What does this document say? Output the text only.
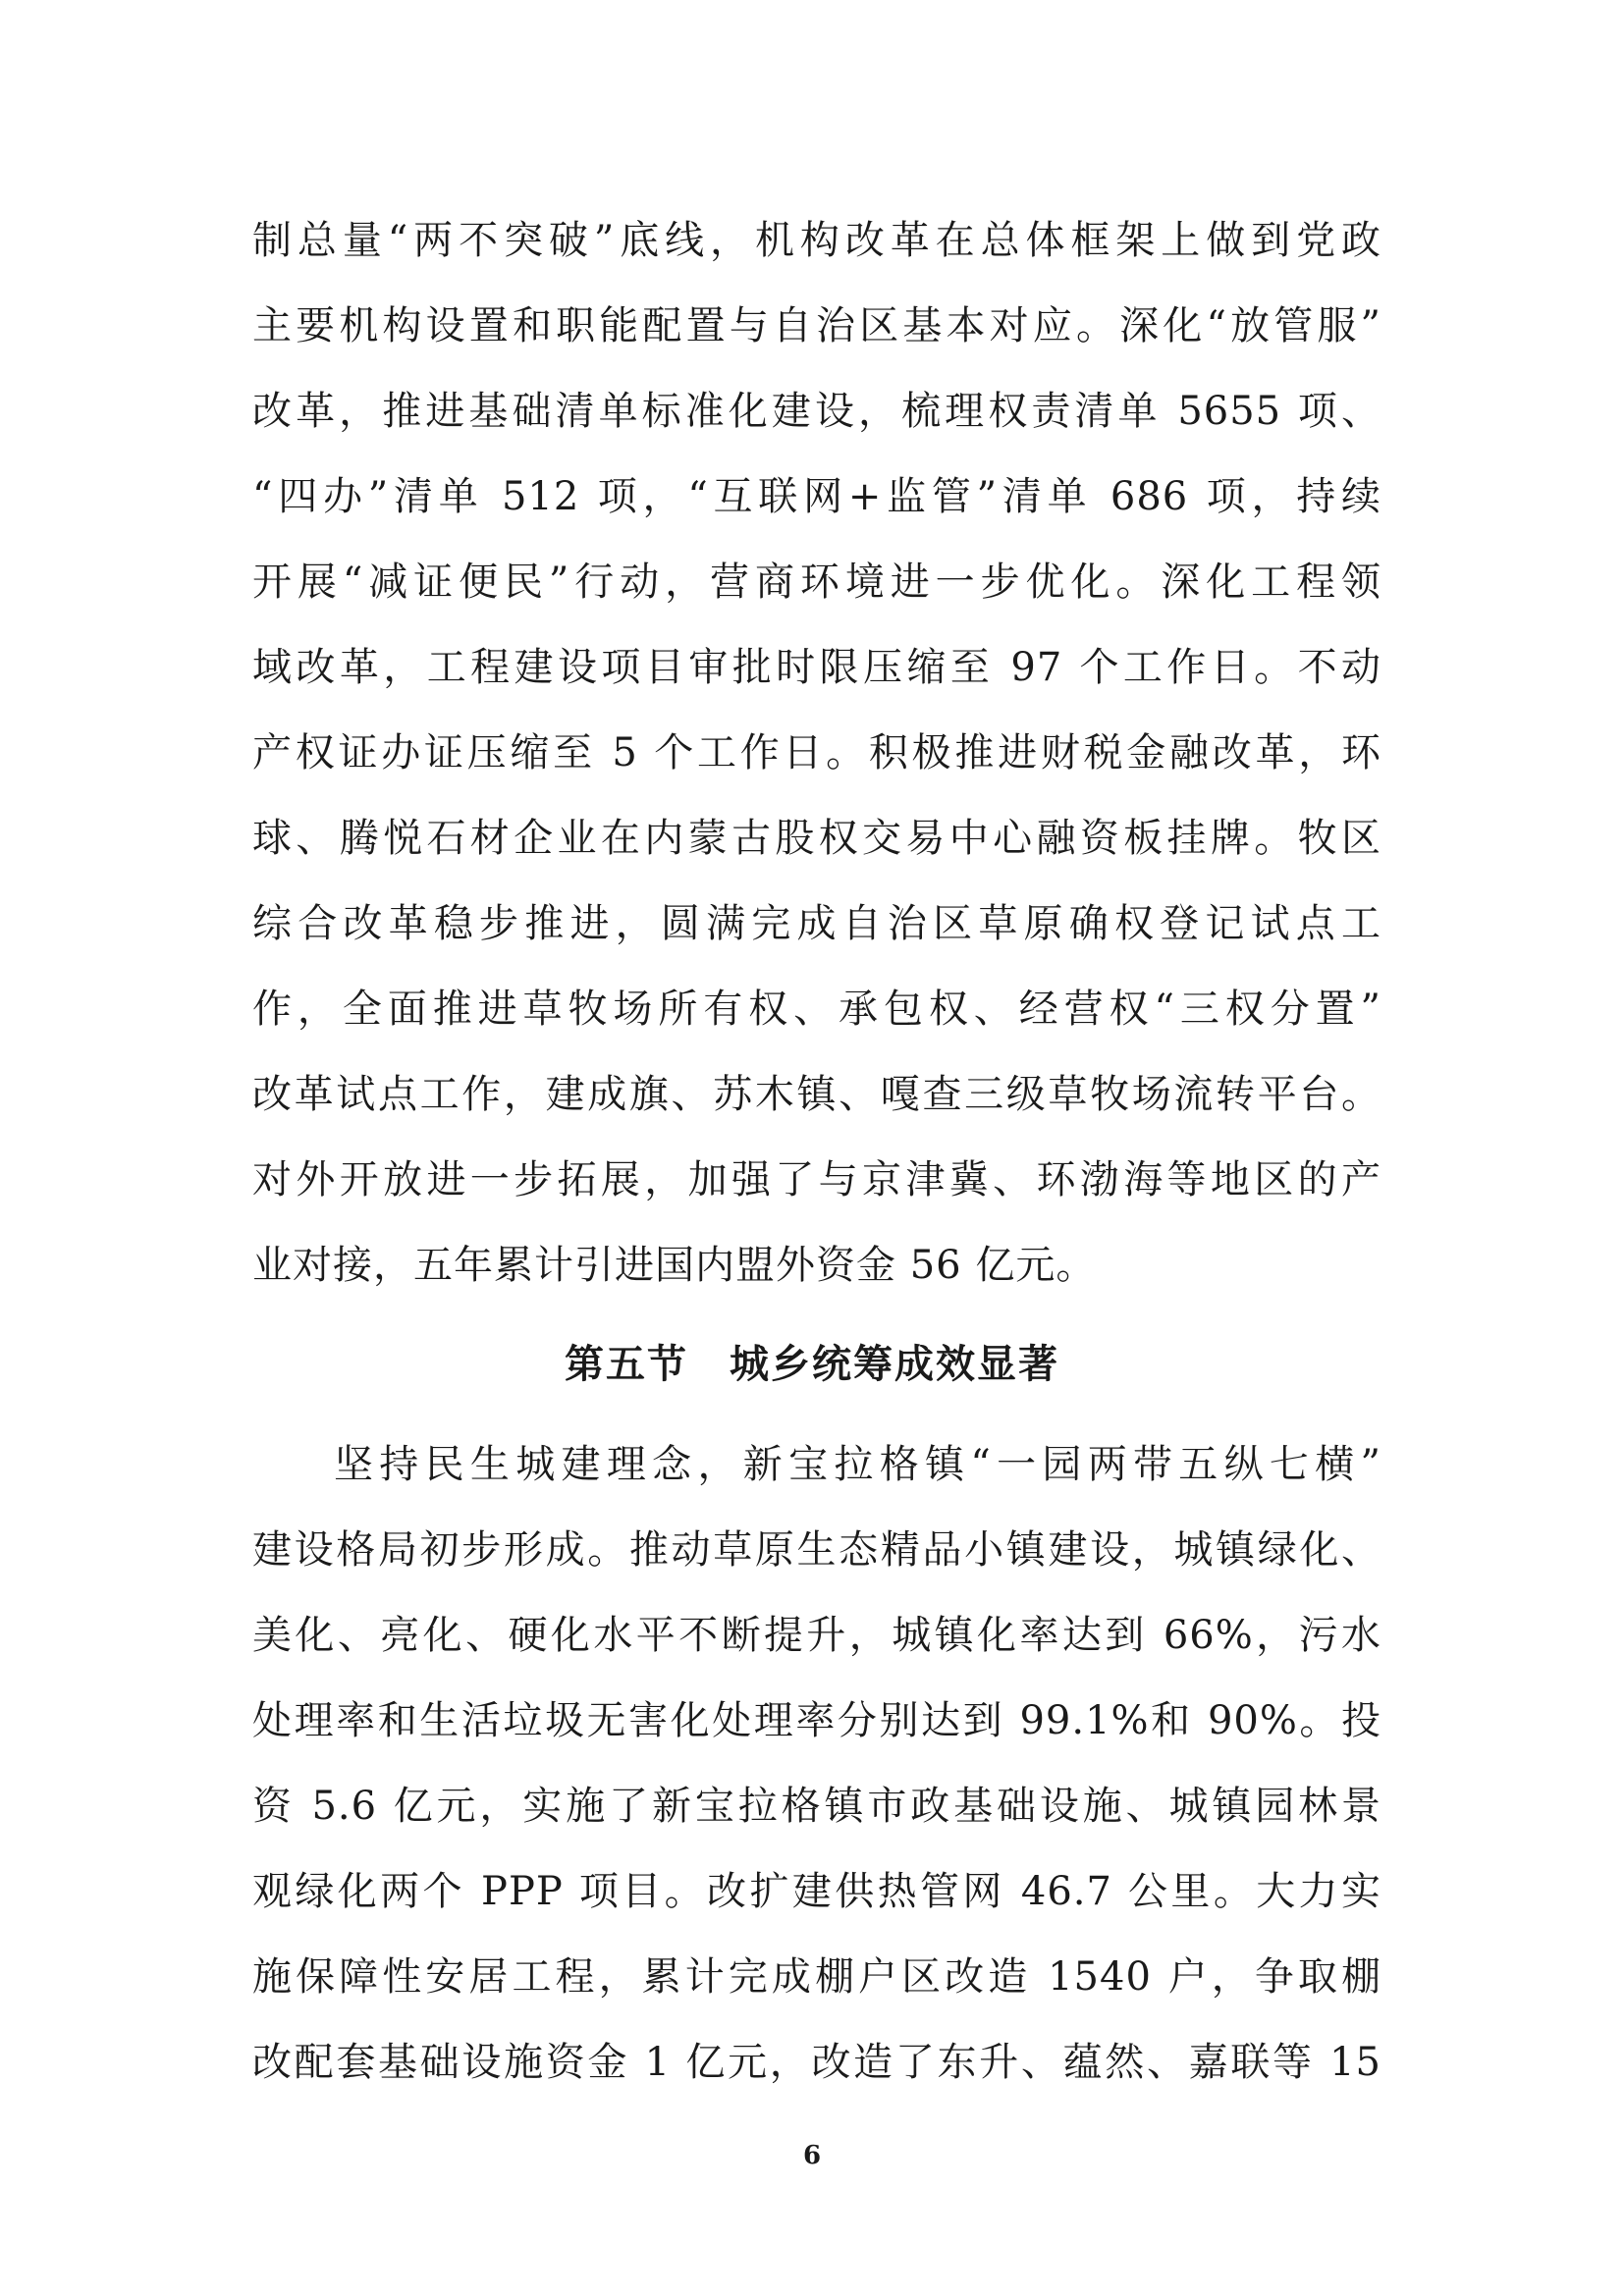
制总量“两不突破”底线，机构改革在总体框架上做到党政
主要机构设置和职能配置与自治区基本对应。深化“放管服”
改革，推进基础清单标准化建设，梳理权责清单 5655 项、
“四办”清单 512 项，“互联网+监管”清单 686 项，持续
开展“减证便民”行动，营商环境进一步优化。深化工程领
域改革，工程建设项目审批时限压缩至 97 个工作日。不动
产权证办证压缩至 5 个工作日。积极推进财税金融改革，环
球、腾悦石材企业在内蒙古股权交易中心融资板挂牌。牧区
综合改革稳步推进，圆满完成自治区草原确权登记试点工
作，全面推进草牧场所有权、承包权、经营权“三权分置”
改革试点工作，建成旗、苏木镇、嘎查三级草牧场流转平台。
对外开放进一步拓展，加强了与京津冀、环渤海等地区的产
业对接，五年累计引进国内盟外资金 56 亿元。
第五节　城乡统筹成效显著
坚持民生城建理念，新宝拉格镇“一园两带五纵七横”
建设格局初步形成。推动草原生态精品小镇建设，城镇绿化、
美化、亮化、硬化水平不断提升，城镇化率达到 66%，污水
处理率和生活垃圾无害化处理率分别达到 99.1%和 90%。投
资 5.6 亿元，实施了新宝拉格镇市政基础设施、城镇园林景
观绿化两个 PPP 项目。改扩建供热管网 46.7 公里。大力实
施保障性安居工程，累计完成棚户区改造 1540 户，争取棚
改配套基础设施资金 1 亿元，改造了东升、蕴然、嘉联等 15
6
